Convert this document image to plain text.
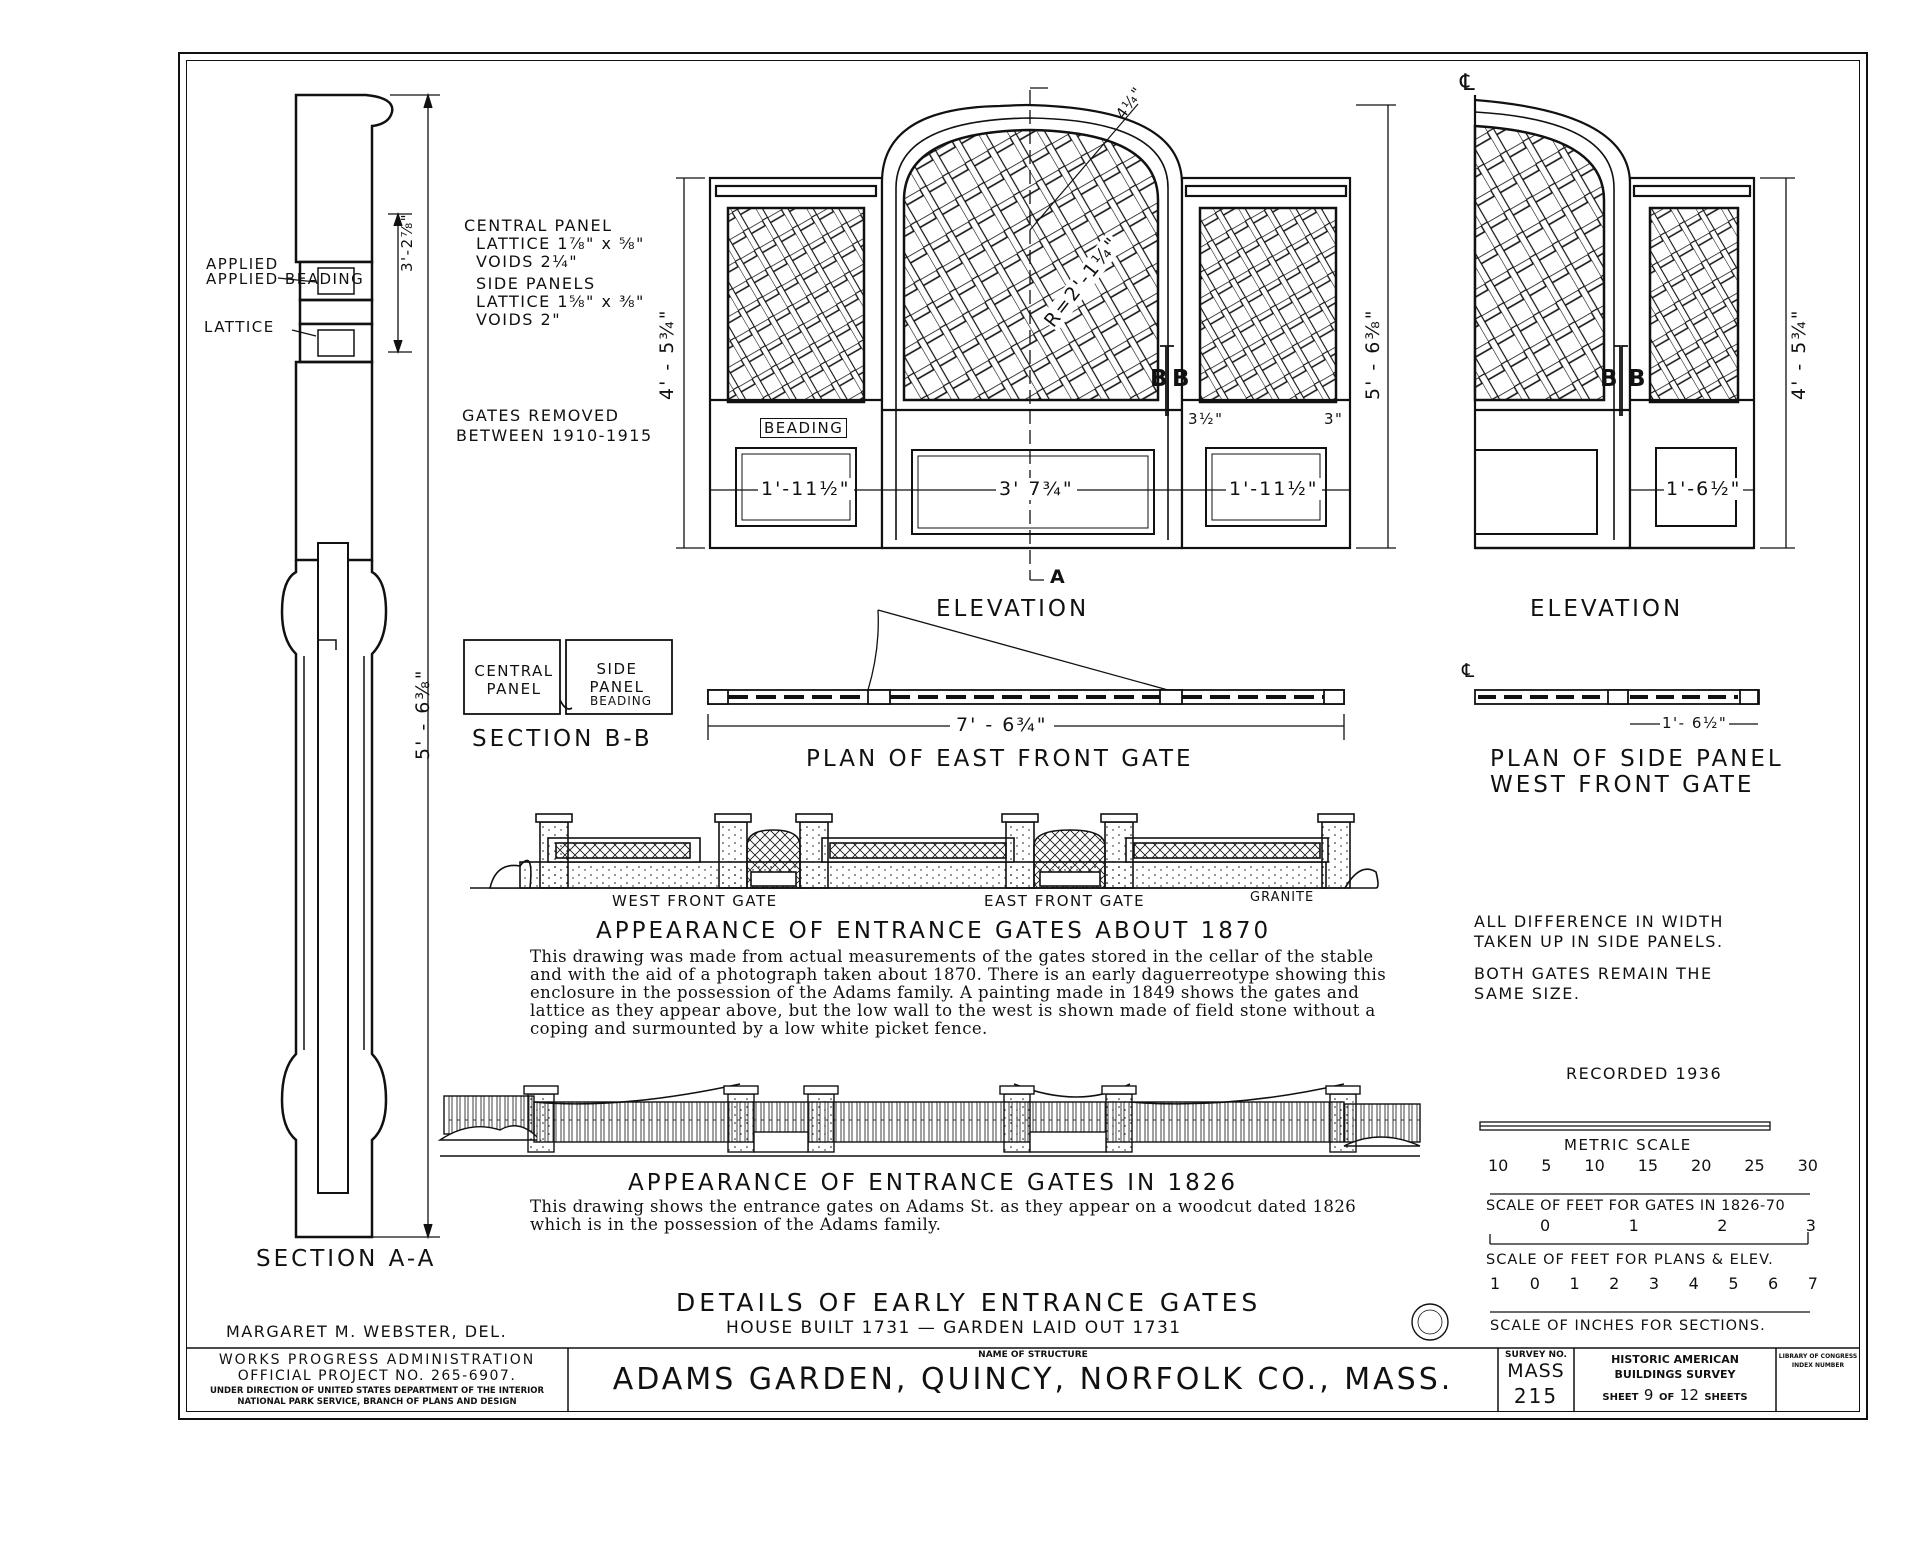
APPLIED
APPLIED BEADING
LATTICE
3'-2⅞"
5' - 6⅜"
SECTION A-A
CENTRAL PANEL
LATTICE 1⅞" x ⅝"
VOIDS 2¼"
SIDE PANELS
LATTICE 1⅝" x ⅜"
VOIDS 2"
GATES REMOVED
BETWEEN 1910-1915
4' - 5¾"	5' - 6⅜"
1'-11½"	3' 7¾"	1'-11½"
4¼"
R=2'-1¼"
BEADING	3½"	3"
B B
A
ELEVATION
℄
4' - 5¾"
1'-6½"
B B
ELEVATION
CENTRAL PANEL
SIDE PANEL
BEADING
SECTION B-B
7' - 6¾"
PLAN OF EAST FRONT GATE
℄
1'- 6½"
PLAN OF SIDE PANEL
WEST FRONT GATE
WEST FRONT GATE	EAST FRONT GATE	GRANITE
APPEARANCE OF ENTRANCE GATES ABOUT 1870
This drawing was made from actual measurements of the gates stored in the cellar of the stable and with the aid of a photograph taken about 1870. There is an early daguerreotype showing this enclosure in the possession of the Adams family. A painting made in 1849 shows the gates and lattice as they appear above, but the low wall to the west is shown made of field stone without a coping and surmounted by a low white picket fence.
APPEARANCE OF ENTRANCE GATES IN 1826
This drawing shows the entrance gates on Adams St. as they appear on a woodcut dated 1826 which is in the possession of the Adams family.
ALL DIFFERENCE IN WIDTH
TAKEN UP IN SIDE PANELS.
BOTH GATES REMAIN THE
SAME SIZE.
RECORDED 1936
METRIC SCALE
10 5 10 15 20 25 30
SCALE OF FEET FOR GATES IN 1826-70
0	1	2	3
SCALE OF FEET FOR PLANS & ELEV.
1 0 1 2 3 4 5 6 7
SCALE OF INCHES FOR SECTIONS.
DETAILS OF EARLY ENTRANCE GATES
HOUSE BUILT 1731 — GARDEN LAID OUT 1731
MARGARET M. WEBSTER, DEL.
WORKS PROGRESS ADMINISTRATION
OFFICIAL PROJECT NO. 265-6907.
UNDER DIRECTION OF UNITED STATES DEPARTMENT OF THE INTERIOR
NATIONAL PARK SERVICE, BRANCH OF PLANS AND DESIGN
NAME OF STRUCTURE
ADAMS GARDEN, QUINCY, NORFOLK CO., MASS.
SURVEY NO.
MASS
215
HISTORIC AMERICAN
BUILDINGS SURVEY
SHEET 9 OF 12 SHEETS
LIBRARY OF CONGRESS
INDEX NUMBER
